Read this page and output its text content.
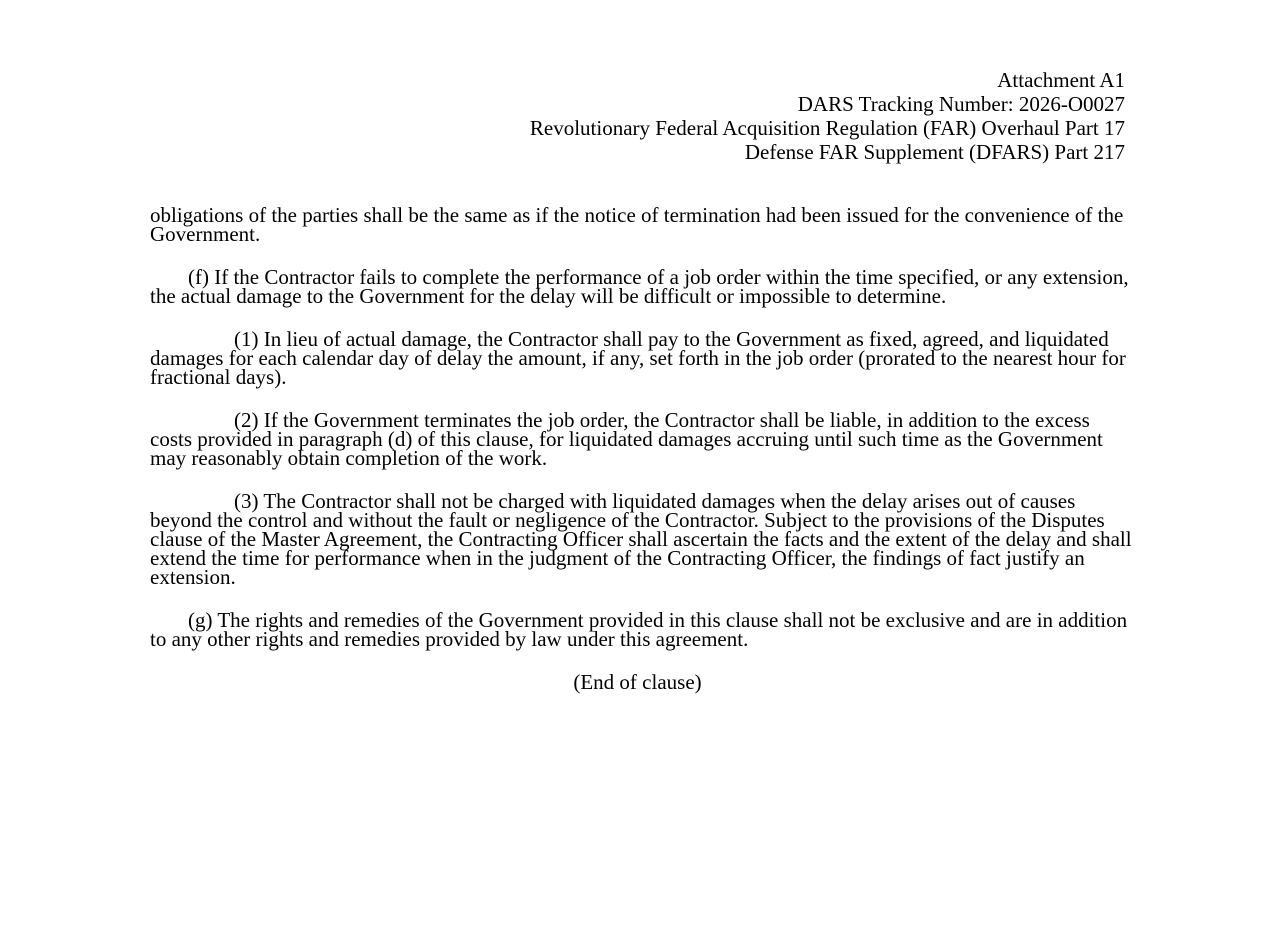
Attachment A1
DARS Tracking Number: 2026-O0027
Revolutionary Federal Acquisition Regulation (FAR) Overhaul Part 17
Defense FAR Supplement (DFARS) Part 217

obligations of the parties shall be the same as if the notice of termination had been issued for the convenience of the Government.

(f) If the Contractor fails to complete the performance of a job order within the time specified, or any extension, the actual damage to the Government for the delay will be difficult or impossible to determine.

(1) In lieu of actual damage, the Contractor shall pay to the Government as fixed, agreed, and liquidated damages for each calendar day of delay the amount, if any, set forth in the job order (prorated to the nearest hour for fractional days).

(2) If the Government terminates the job order, the Contractor shall be liable, in addition to the excess costs provided in paragraph (d) of this clause, for liquidated damages accruing until such time as the Government may reasonably obtain completion of the work.

(3) The Contractor shall not be charged with liquidated damages when the delay arises out of causes beyond the control and without the fault or negligence of the Contractor. Subject to the provisions of the Disputes clause of the Master Agreement, the Contracting Officer shall ascertain the facts and the extent of the delay and shall extend the time for performance when in the judgment of the Contracting Officer, the findings of fact justify an extension.

(g) The rights and remedies of the Government provided in this clause shall not be exclusive and are in addition to any other rights and remedies provided by law under this agreement.

(End of clause)
